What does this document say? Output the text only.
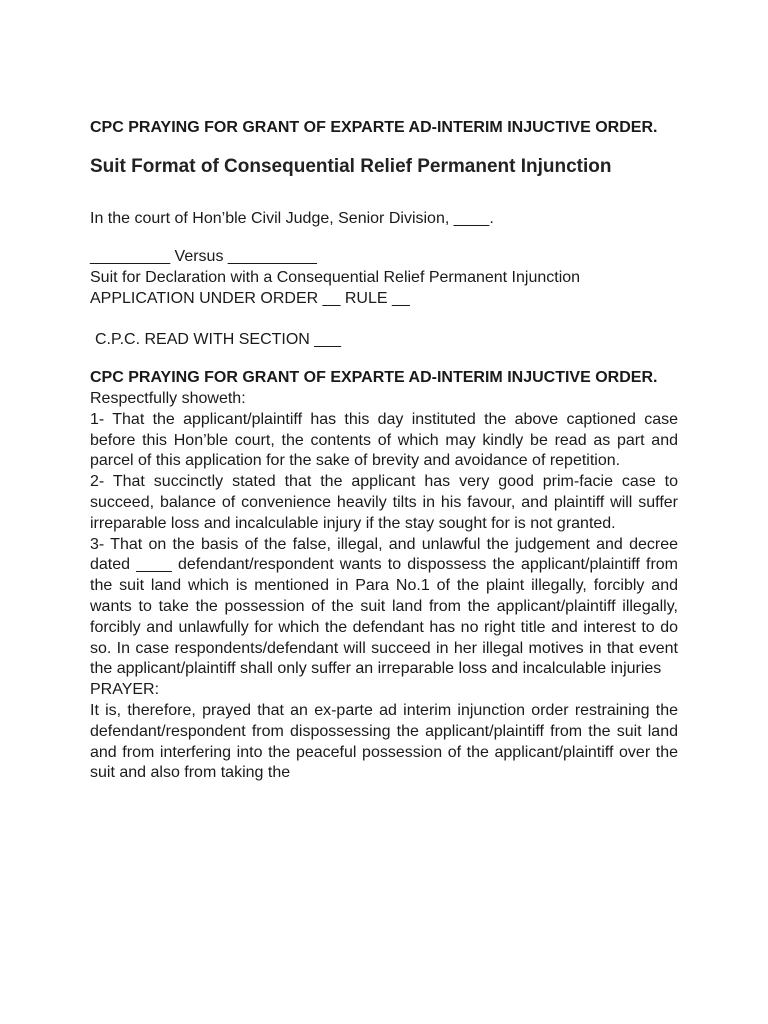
CPC PRAYING FOR GRANT OF EXPARTE AD-INTERIM INJUCTIVE ORDER.

Suit Format of Consequential Relief Permanent Injunction

In the court of Hon’ble Civil Judge, Senior Division, ____.

_________ Versus __________

Suit for Declaration with a Consequential Relief Permanent Injunction

APPLICATION UNDER ORDER __ RULE __

C.P.C. READ WITH SECTION ___

CPC PRAYING FOR GRANT OF EXPARTE AD-INTERIM INJUCTIVE ORDER.

Respectfully showeth:

1- That the applicant/plaintiff has this day instituted the above captioned case before this Hon’ble court, the contents of which may kindly be read as part and parcel of this application for the sake of brevity and avoidance of repetition.

2- That succinctly stated that the applicant has very good prim-facie case to succeed, balance of convenience heavily tilts in his favour, and plaintiff will suffer irreparable loss and incalculable injury if the stay sought for is not granted.

3- That on the basis of the false, illegal, and unlawful the judgement and decree dated ____ defendant/respondent wants to dispossess the applicant/plaintiff from the suit land which is mentioned in Para No.1 of the plaint illegally, forcibly and wants to take the possession of the suit land from the applicant/plaintiff illegally, forcibly and unlawfully for which the defendant has no right title and interest to do so. In case respondents/defendant will succeed in her illegal motives in that event the applicant/plaintiff shall only suffer an irreparable loss and incalculable injuries

PRAYER:

It is, therefore, prayed that an ex-parte ad interim injunction order restraining the defendant/respondent from dispossessing the applicant/plaintiff from the suit land and from interfering into the peaceful possession of the applicant/plaintiff over the suit and also from taking the
